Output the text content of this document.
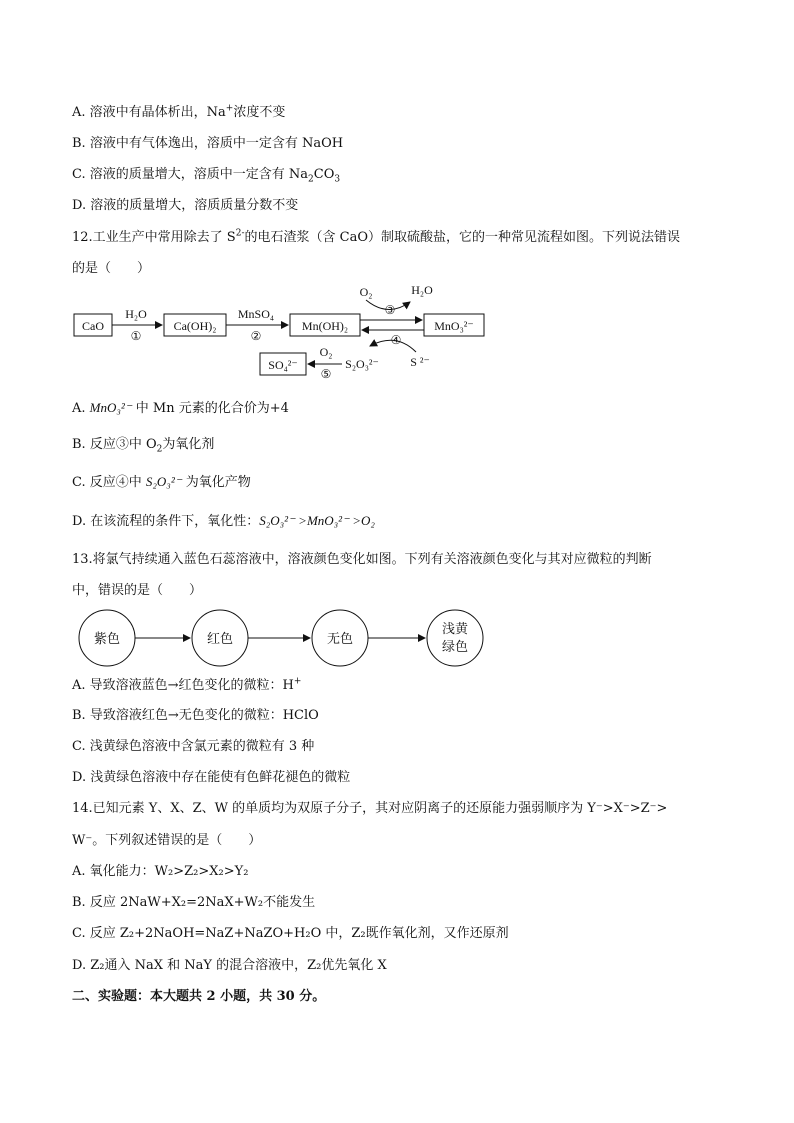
A. 溶液中有晶体析出，Na+浓度不变
B. 溶液中有气体逸出，溶质中一定含有 NaOH
C. 溶液的质量增大，溶质中一定含有 $Na_2CO_3$
D. 溶液的质量增大，溶质质量分数不变
12.工业生产中常用除去了 $S^{2-}$的电石渣浆（含 CaO）制取硫酸盐，它的一种常见流程如图。下列说法错误
的是（　　）
CaO
H₂O
①
Ca(OH)₂
MnSO₄
②
Mn(OH)₂
O₂
③
H₂O
MnO₃²⁻
④
S ²⁻
S₂O₃²⁻
O₂
⑤
SO₄²⁻
A. MnO₃²⁻ 中 Mn 元素的化合价为+4
B. 反应③中 $O_2$为氧化剂
C. 反应④中 S₂O₃²⁻ 为氧化产物
D. 在该流程的条件下，氧化性：S₂O₃²⁻ >MnO₃²⁻ >O₂
13.将氯气持续通入蓝色石蕊溶液中，溶液颜色变化如图。下列有关溶液颜色变化与其对应微粒的判断
中，错误的是（　　）
紫色	红色	无色
浅黄
绿色
A. 导致溶液蓝色→红色变化的微粒：H+
B. 导致溶液红色→无色变化的微粒：HClO
C. 浅黄绿色溶液中含氯元素的微粒有 3 种
D. 浅黄绿色溶液中存在能使有色鲜花褪色的微粒
14.已知元素 Y、X、Z、W 的单质均为双原子分子，其对应阴离子的还原能力强弱顺序为 Y⁻>X⁻>Z⁻>
W⁻。下列叙述错误的是（　　）
A. 氧化能力：W₂>Z₂>X₂>Y₂
B. 反应 2NaW+X₂=2NaX+W₂不能发生
C. 反应 Z₂+2NaOH=NaZ+NaZO+H₂O 中，Z₂既作氧化剂，又作还原剂
D. Z₂通入 NaX 和 NaY 的混合溶液中，Z₂优先氧化 X
二、实验题：本大题共 2 小题，共 30 分。
